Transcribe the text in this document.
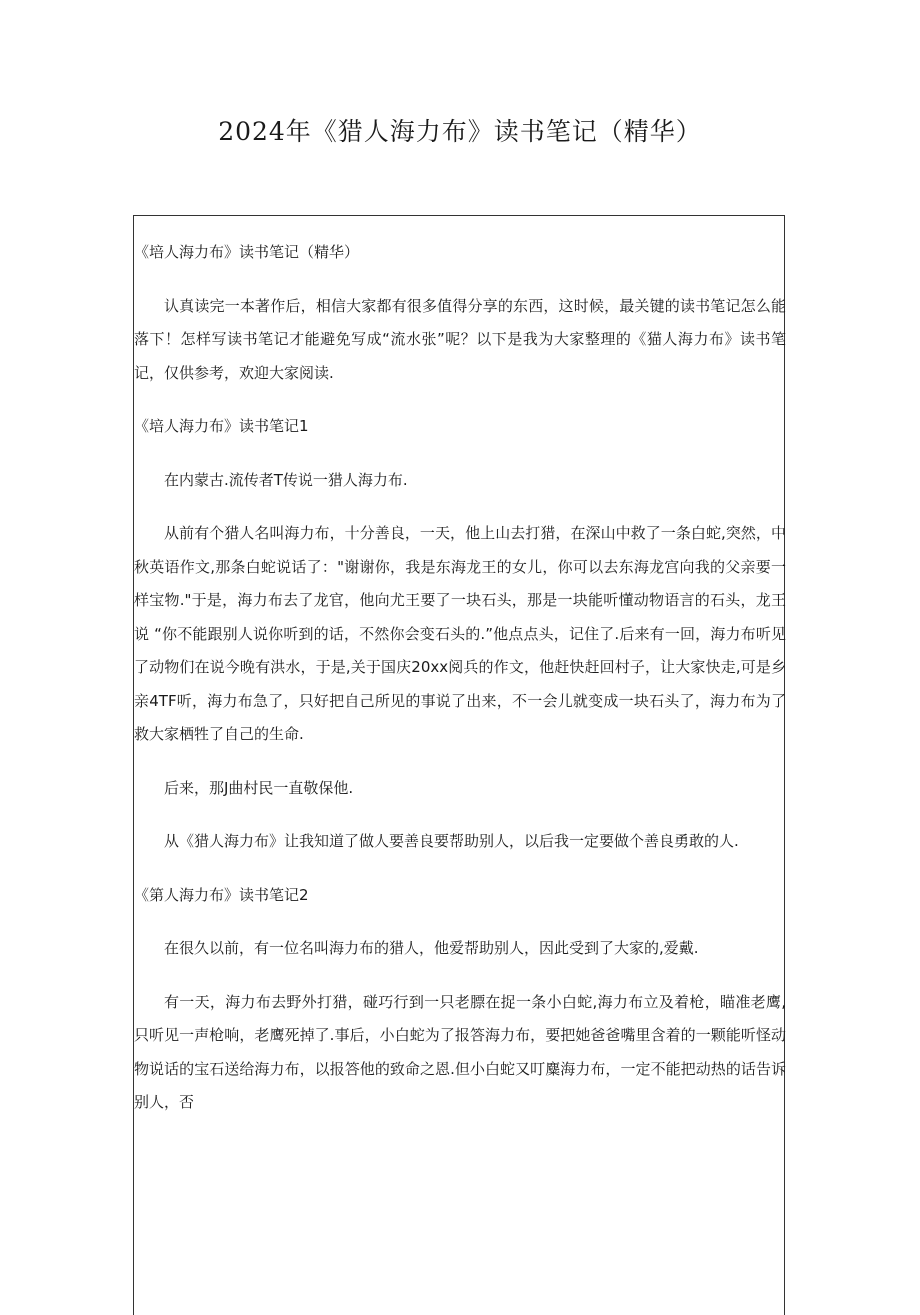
2024年《猎人海力布》读书笔记（精华）

《培人海力布》读书笔记（精华）

认真读完一本著作后，相信大家都有很多值得分享的东西，这时候，最关键的读书笔记怎么能落下！怎样写读书笔记才能避免写成“流水张”呢？以下是我为大家整理的《猫人海力布》读书笔记，仅供参考，欢迎大家阅读.

《培人海力布》读书笔记1

在内蒙古.流传者T传说一猎人海力布.

从前有个猎人名叫海力布，十分善良，一天，他上山去打猎，在深山中救了一条白蛇,突然，中秋英语作文,那条白蛇说话了："谢谢你，我是东海龙王的女儿，你可以去东海龙宫向我的父亲要一样宝物."于是，海力布去了龙官，他向尤王要了一块石头，那是一块能听懂动物语言的石头，龙王说 “你不能跟别人说你听到的话，不然你会变石头的.”他点点头，记住了.后来有一回，海力布听见了动物们在说今晚有洪水，于是,关于国庆20xx阅兵的作文，他赶快赶回村子，让大家快走,可是乡亲4TF听，海力布急了，只好把自己所见的事说了出来，不一会儿就变成一块石头了，海力布为了救大家栖牲了自己的生命.

后来，那J曲村民一直敬保他.

从《猎人海力布》让我知道了做人要善良要帮助别人，以后我一定要做个善良勇敢的人.

《第人海力布》读书笔记2

在很久以前，有一位名叫海力布的猎人，他爱帮助别人，因此受到了大家的,爱戴.

有一天，海力布去野外打猎，碰巧行到一只老膘在捉一条小白蛇,海力布立及着枪，瞄准老鹰,只听见一声枪响，老鹰死掉了.事后，小白蛇为了报答海力布，要把她爸爸嘴里含着的一颗能听怪动物说话的宝石送给海力布，以报答他的致命之恩.但小白蛇又叮麋海力布，一定不能把动热的话告诉别人，否
